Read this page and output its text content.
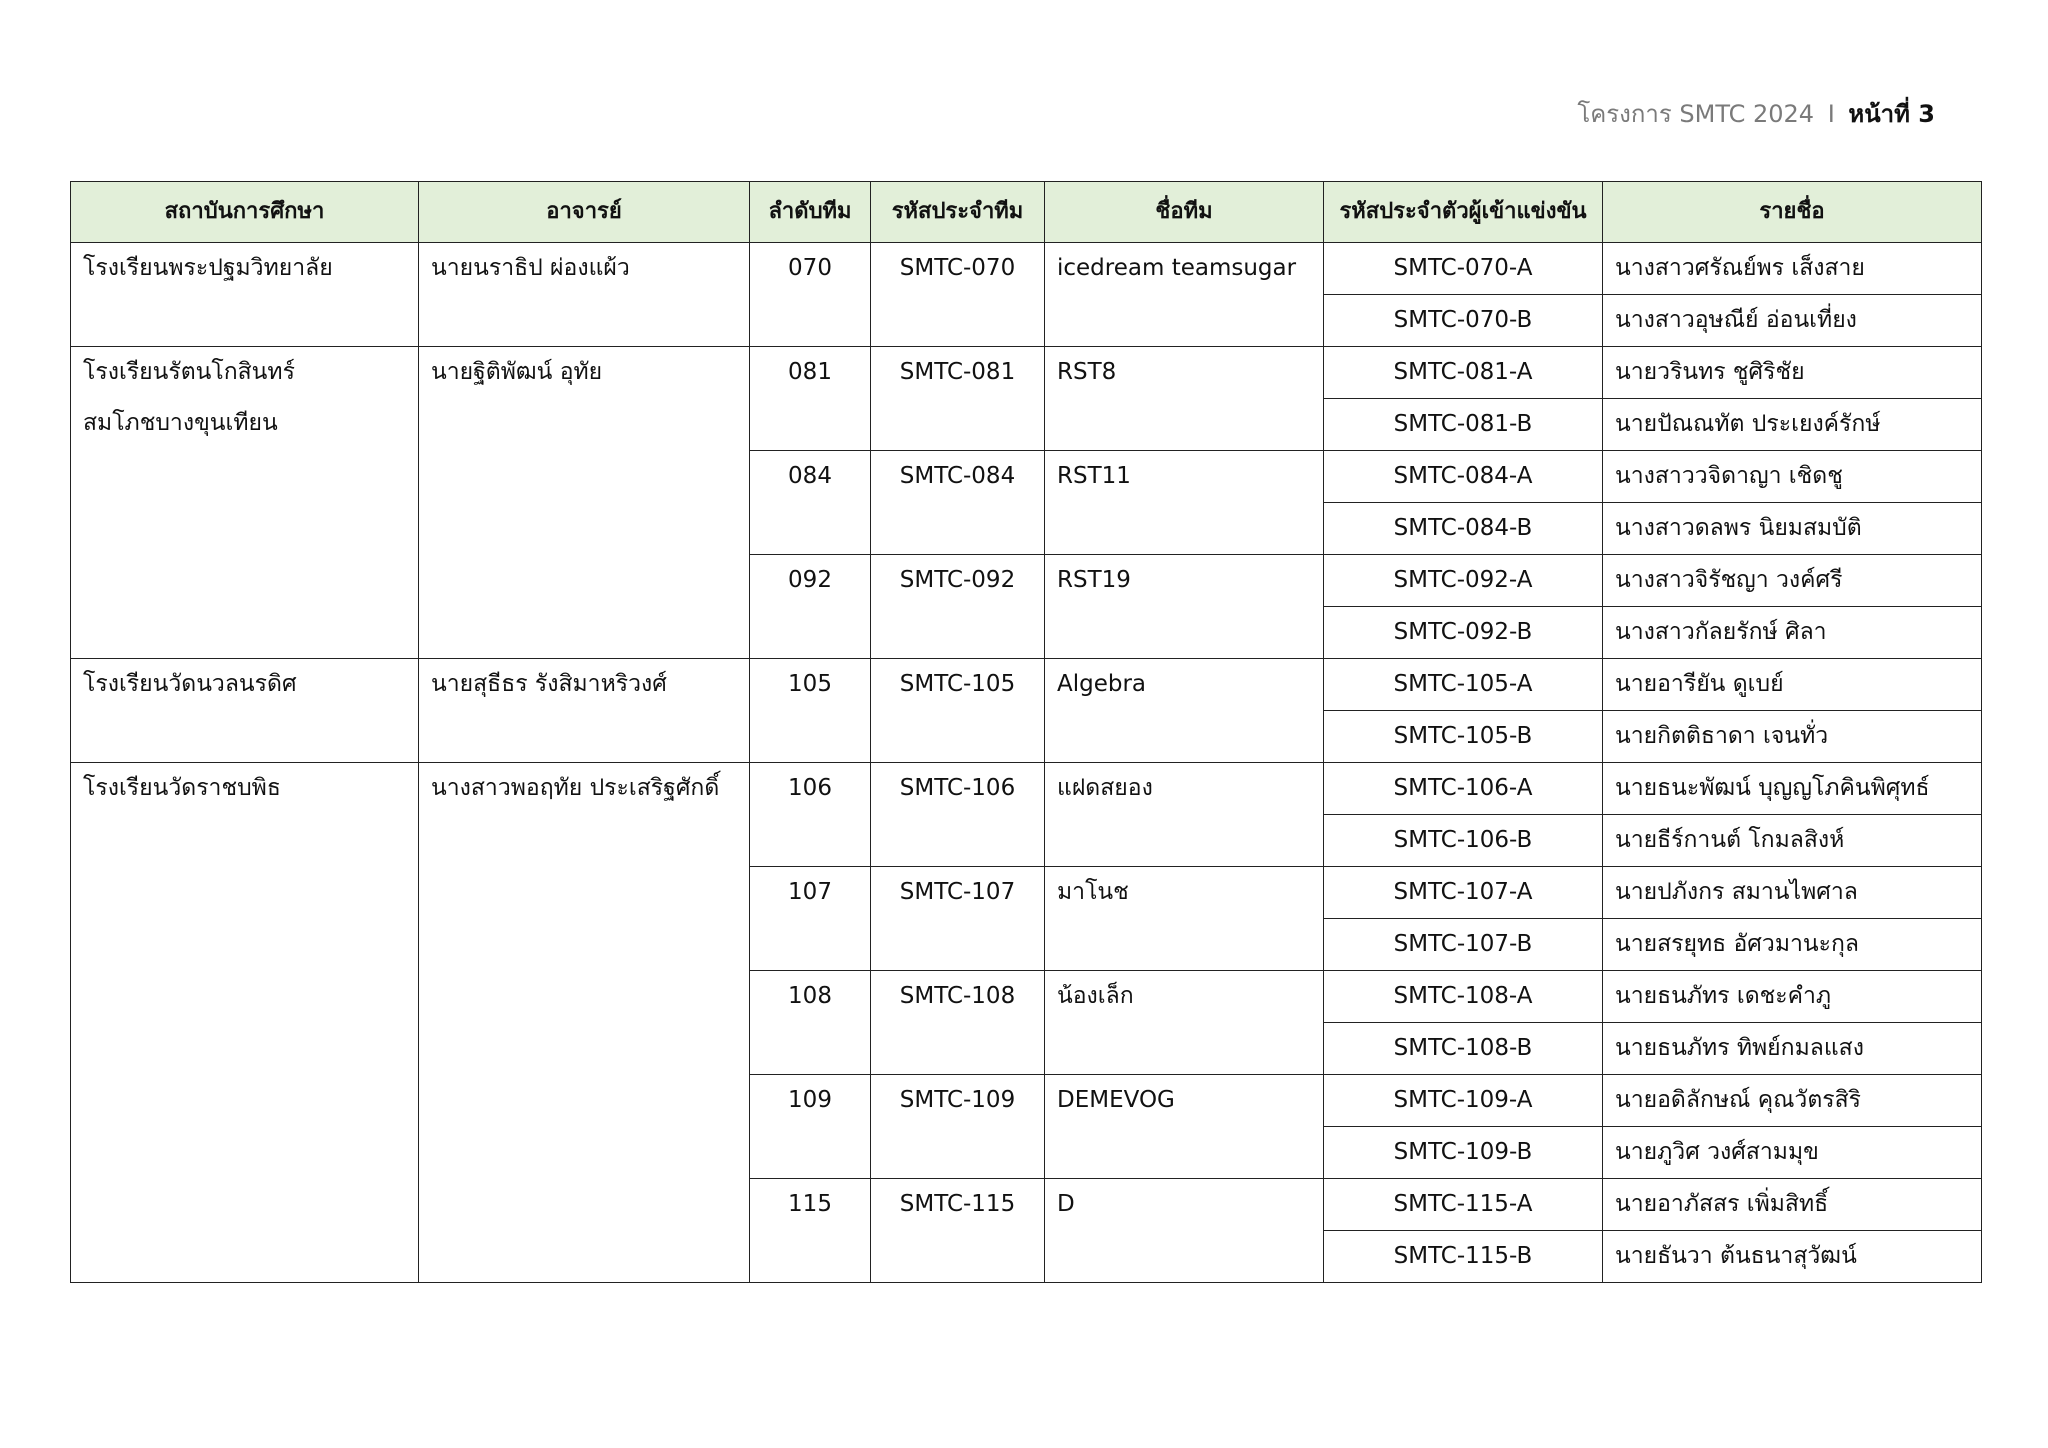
โครงการ SMTC 2024 I หน้าที่ 3
สถาบันการศึกษา	อาจารย์	ลำดับทีม	รหัสประจำทีม	ชื่อทีม	รหัสประจำตัวผู้เข้าแข่งขัน	รายชื่อ

โรงเรียนพระปฐมวิทยาลัย	นายนราธิป ผ่องแผ้ว	070	SMTC-070	icedream teamsugar	SMTC-070-A	นางสาวศรัณย์พร เส็งสาย
					SMTC-070-B	นางสาวอุษณีย์ อ่อนเที่ยง

โรงเรียนรัตนโกสินทร์
สมโภชบางขุนเทียน	นายฐิติพัฒน์ อุทัย	081	SMTC-081	RST8	SMTC-081-A	นายวรินทร ชูศิริชัย
					SMTC-081-B	นายปัณณทัต ประเยงค์รักษ์
		084	SMTC-084	RST11	SMTC-084-A	นางสาววจิดาญา เชิดชู
					SMTC-084-B	นางสาวดลพร นิยมสมบัติ
		092	SMTC-092	RST19	SMTC-092-A	นางสาวจิรัชญา วงค์ศรี
					SMTC-092-B	นางสาวกัลยรักษ์ ศิลา

โรงเรียนวัดนวลนรดิศ	นายสุธีธร รังสิมาหริวงศ์	105	SMTC-105	Algebra	SMTC-105-A	นายอารียัน ดูเบย์
					SMTC-105-B	นายกิตติธาดา เจนทั่ว

โรงเรียนวัดราชบพิธ	นางสาวพอฤทัย ประเสริฐศักดิ์	106	SMTC-106	แฝดสยอง	SMTC-106-A	นายธนะพัฒน์ บุญญโภคินพิศุทธ์
					SMTC-106-B	นายธีร์กานต์ โกมลสิงห์
		107	SMTC-107	มาโนช	SMTC-107-A	นายปภังกร สมานไพศาล
					SMTC-107-B	นายสรยุทธ อัศวมานะกุล
		108	SMTC-108	น้องเล็ก	SMTC-108-A	นายธนภัทร เดชะคำภู
					SMTC-108-B	นายธนภัทร ทิพย์กมลแสง
		109	SMTC-109	DEMEVOG	SMTC-109-A	นายอดิลักษณ์ คุณวัตรสิริ
					SMTC-109-B	นายภูวิศ วงศ์สามมุข
		115	SMTC-115	D	SMTC-115-A	นายอาภัสสร เพิ่มสิทธิ์
					SMTC-115-B	นายธันวา ต้นธนาสุวัฒน์
